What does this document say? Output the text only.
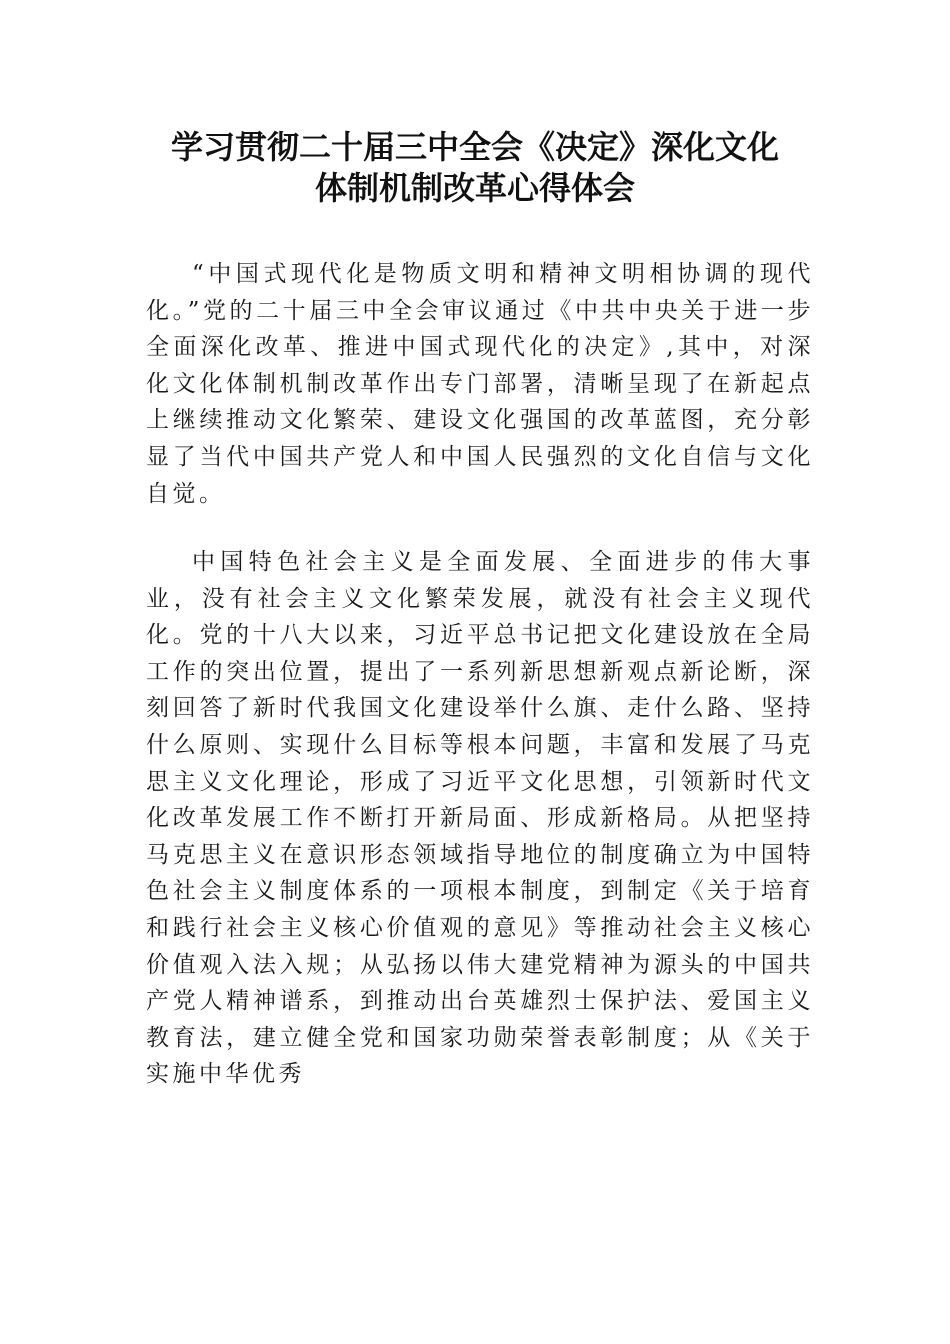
学习贯彻二十届三中全会《决定》深化文化
体制机制改革心得体会

“中国式现代化是物质文明和精神文明相协调的现代化。”党的二十届三中全会审议通过《中共中央关于进一步全面深化改革、推进中国式现代化的决定》,其中，对深化文化体制机制改革作出专门部署，清晰呈现了在新起点上继续推动文化繁荣、建设文化强国的改革蓝图，充分彰显了当代中国共产党人和中国人民强烈的文化自信与文化自觉。

中国特色社会主义是全面发展、全面进步的伟大事业，没有社会主义文化繁荣发展，就没有社会主义现代化。党的十八大以来，习近平总书记把文化建设放在全局工作的突出位置，提出了一系列新思想新观点新论断，深刻回答了新时代我国文化建设举什么旗、走什么路、坚持什么原则、实现什么目标等根本问题，丰富和发展了马克思主义文化理论，形成了习近平文化思想，引领新时代文化改革发展工作不断打开新局面、形成新格局。从把坚持马克思主义在意识形态领域指导地位的制度确立为中国特色社会主义制度体系的一项根本制度，到制定《关于培育和践行社会主义核心价值观的意见》等推动社会主义核心价值观入法入规；从弘扬以伟大建党精神为源头的中国共产党人精神谱系，到推动出台英雄烈士保护法、爱国主义教育法，建立健全党和国家功勋荣誉表彰制度；从《关于实施中华优秀
